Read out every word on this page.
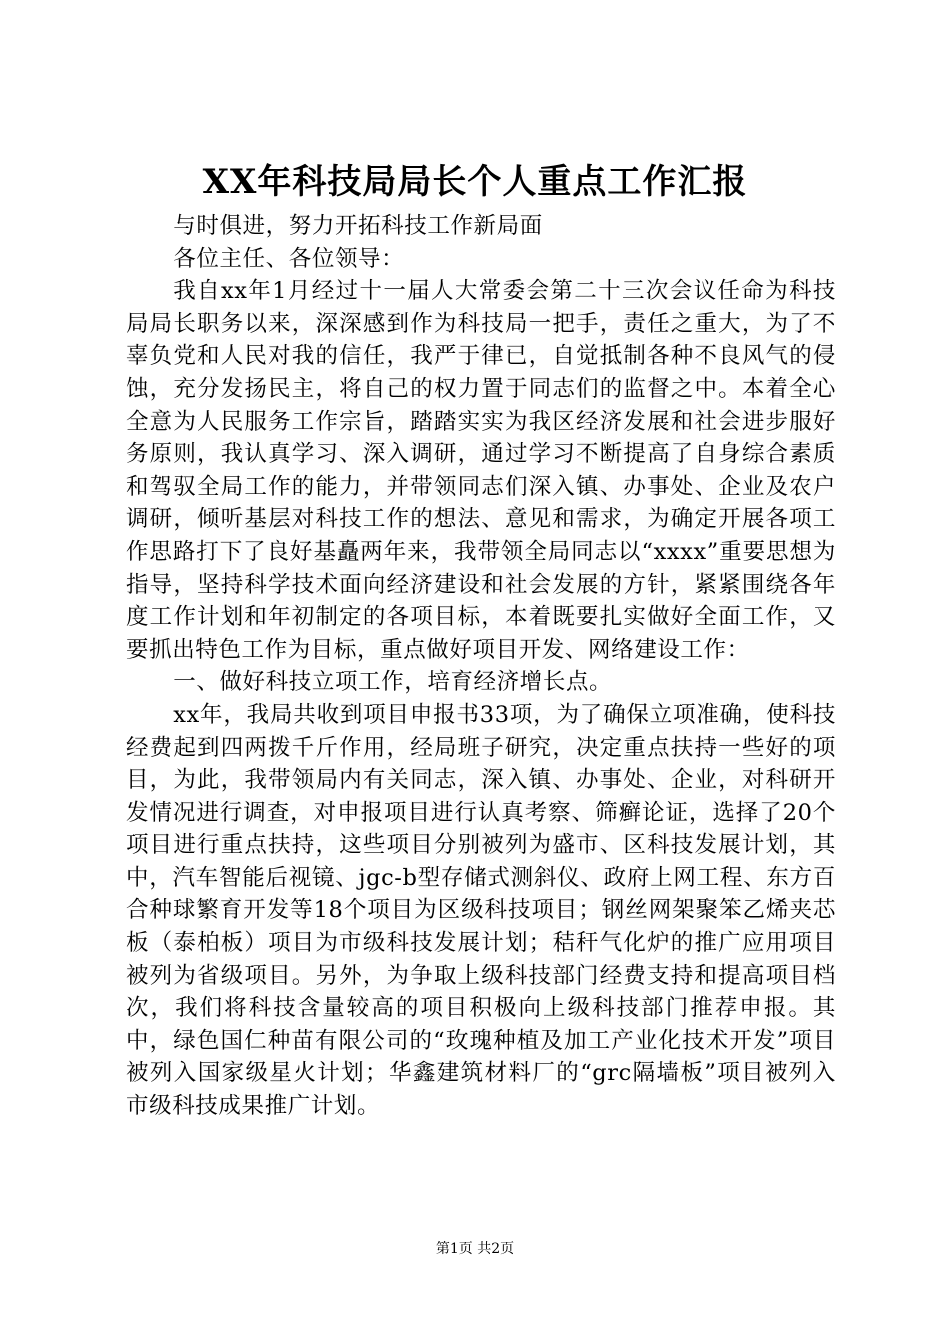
XX年科技局局长个人重点工作汇报

与时俱进，努力开拓科技工作新局面

各位主任、各位领导：

我自xx年1月经过十一届人大常委会第二十三次会议任命为科技局局长职务以来，深深感到作为科技局一把手，责任之重大，为了不辜负党和人民对我的信任，我严于律已，自觉抵制各种不良风气的侵蚀，充分发扬民主，将自己的权力置于同志们的监督之中。本着全心全意为人民服务工作宗旨，踏踏实实为我区经济发展和社会进步服好务原则，我认真学习、深入调研，通过学习不断提高了自身综合素质和驾驭全局工作的能力，并带领同志们深入镇、办事处、企业及农户调研，倾听基层对科技工作的想法、意见和需求，为确定开展各项工作思路打下了良好基矗两年来，我带领全局同志以“xxxx”重要思想为指导，坚持科学技术面向经济建设和社会发展的方针，紧紧围绕各年度工作计划和年初制定的各项目标，本着既要扎实做好全面工作，又要抓出特色工作为目标，重点做好项目开发、网络建设工作：

一、做好科技立项工作，培育经济增长点。

xx年，我局共收到项目申报书33项，为了确保立项准确，使科技经费起到四两拨千斤作用，经局班子研究，决定重点扶持一些好的项目，为此，我带领局内有关同志，深入镇、办事处、企业，对科研开发情况进行调查，对申报项目进行认真考察、筛癣论证，选择了20个项目进行重点扶持，这些项目分别被列为盛市、区科技发展计划，其中，汽车智能后视镜、jgc-b型存储式测斜仪、政府上网工程、东方百合种球繁育开发等18个项目为区级科技项目；钢丝网架聚笨乙烯夹芯板（泰柏板）项目为市级科技发展计划；秸秆气化炉的推广应用项目被列为省级项目。另外，为争取上级科技部门经费支持和提高项目档次，我们将科技含量较高的项目积极向上级科技部门推荐申报。其中，绿色国仁种苗有限公司的“玫瑰种植及加工产业化技术开发”项目被列入国家级星火计划；华鑫建筑材料厂的“grc隔墙板”项目被列入市级科技成果推广计划。

第1页 共2页
